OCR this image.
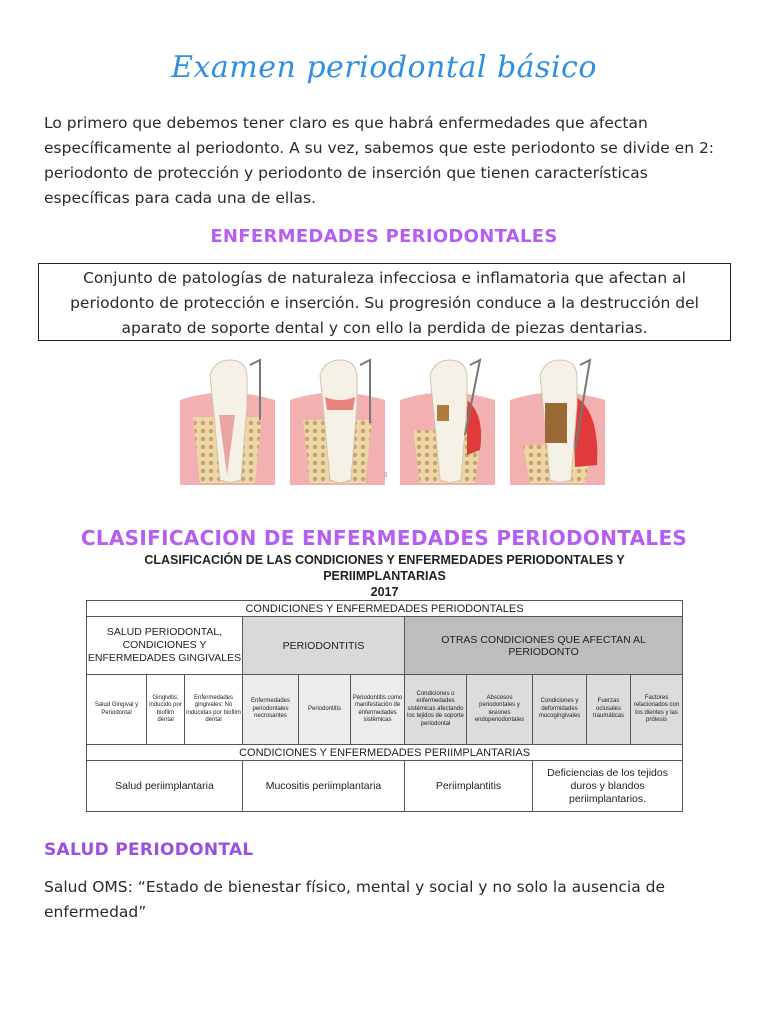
Examen periodontal básico

Lo primero que debemos tener claro es que habrá enfermedades que afectan específicamente al periodonto. A su vez, sabemos que este periodonto se divide en 2: periodonto de protección y periodonto de inserción que tienen características específicas para cada una de ellas.

ENFERMEDADES PERIODONTALES
Conjunto de patologías de naturaleza infecciosa e inflamatoria que afectan al periodonto de protección e inserción. Su progresión conduce a la destrucción del aparato de soporte dental y con ello la perdida de piezas dentarias.
3
CLASIFICACION DE ENFERMEDADES PERIODONTALES
CLASIFICACIÓN DE LAS CONDICIONES Y ENFERMEDADES PERIODONTALES Y PERIIMPLANTARIAS
2017										
CONDICIONES Y ENFERMEDADES PERIODONTALES										
SALUD PERIODONTAL, CONDICIONES Y ENFERMEDADES GINGIVALES			PERIODONTITIS			OTRAS CONDICIONES QUE AFECTAN AL PERIODONTO				
Salud Gingival y Periodontal	Gingivitis: inducido por biofilm dental	Enfermedades gingivales: No inducidas por biofilm dental	Enfermedades periodontales necrosantes	Periodontitis	Periodontitis como manifestación de enfermedades sistémicas	Condiciones o enfermedades sistémicas afectando los tejidos de soporte periodontal	Abscesos periodontales y lesiones endoperiodontales	Condiciones y deformidades mucogingivales	Fuerzas oclusales traumáticas	Factores relacionados con los dientes y las prótesis
CONDICIONES Y ENFERMEDADES PERIIMPLANTARIAS										
Salud periimplantaria			Mucositis periimplantaria			Periimplantitis		Deficiencias de los tejidos duros y blandos periimplantarios.		
SALUD PERIODONTAL

Salud OMS: “Estado de bienestar físico, mental y social y no solo la ausencia de enfermedad”
